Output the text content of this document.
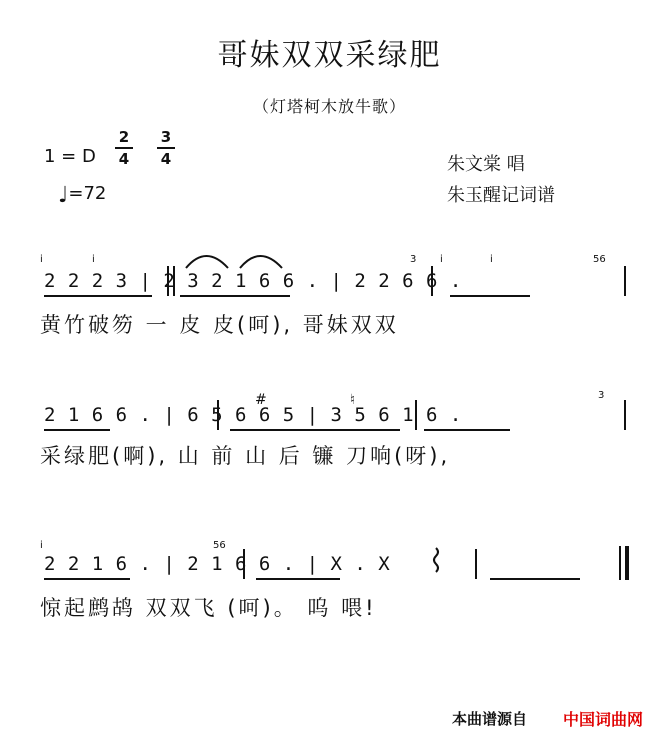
哥妹双双采绿肥
（灯塔柯木放牛歌）
1 = D
2
4
3
4
♩=72
朱文棠 唱
朱玉醒记词谱
2 2 2 3 | 2 3 2 1 6 6 . | 2 2 6 6 .
黄竹破笏 一 皮 皮(呵), 哥妹双双
2 1 6 6 . | 6 5 6 6 5 | 3 5 6 1 6 .
采绿肥(啊), 山 前 山 后 镰 刀响(呀),
2 2 1 6 . | 2 1 6 6 . | X . X
惊起鹧鸪 双双飞 (呵)。 呜 喂!
i	i	3 i	i	56
3
i	56
#	♮
本曲谱源自 中国词曲网
